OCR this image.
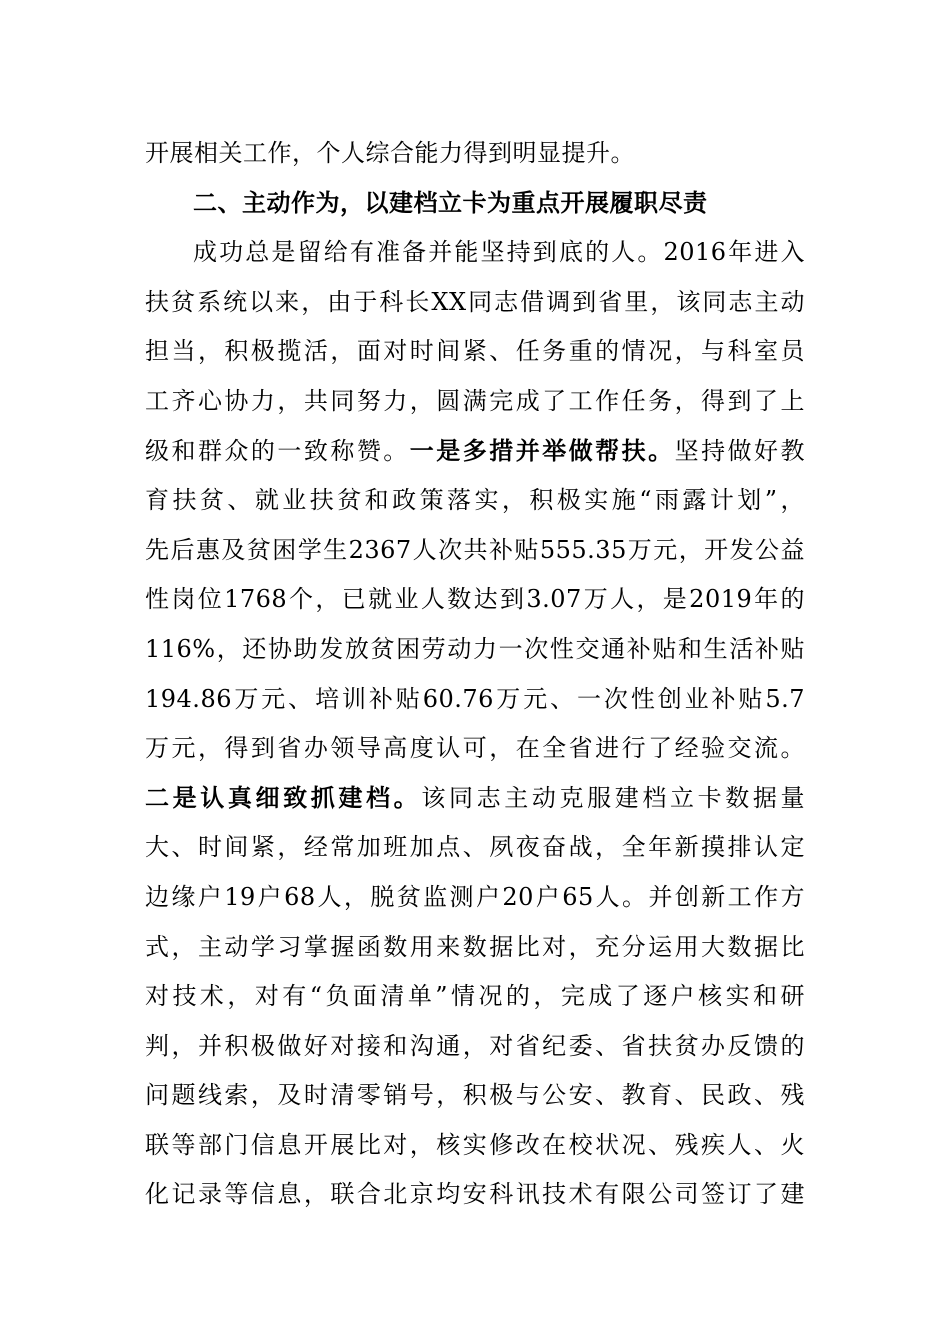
开展相关工作，个人综合能力得到明显提升。
二、主动作为，以建档立卡为重点开展履职尽责
成功总是留给有准备并能坚持到底的人。2016年进入
扶贫系统以来，由于科长XX同志借调到省里，该同志主动
担当，积极揽活，面对时间紧、任务重的情况，与科室员
工齐心协力，共同努力，圆满完成了工作任务，得到了上
级和群众的一致称赞。一是多措并举做帮扶。坚持做好教
育扶贫、就业扶贫和政策落实，积极实施“雨露计划”，
先后惠及贫困学生2367人次共补贴555.35万元，开发公益
性岗位1768个，已就业人数达到3.07万人，是2019年的
116%，还协助发放贫困劳动力一次性交通补贴和生活补贴
194.86万元、培训补贴60.76万元、一次性创业补贴5.7
万元，得到省办领导高度认可，在全省进行了经验交流。
二是认真细致抓建档。该同志主动克服建档立卡数据量
大、时间紧，经常加班加点、夙夜奋战，全年新摸排认定
边缘户19户68人，脱贫监测户20户65人。并创新工作方
式，主动学习掌握函数用来数据比对，充分运用大数据比
对技术，对有“负面清单”情况的，完成了逐户核实和研
判，并积极做好对接和沟通，对省纪委、省扶贫办反馈的
问题线索，及时清零销号，积极与公安、教育、民政、残
联等部门信息开展比对，核实修改在校状况、残疾人、火
化记录等信息，联合北京均安科讯技术有限公司签订了建
